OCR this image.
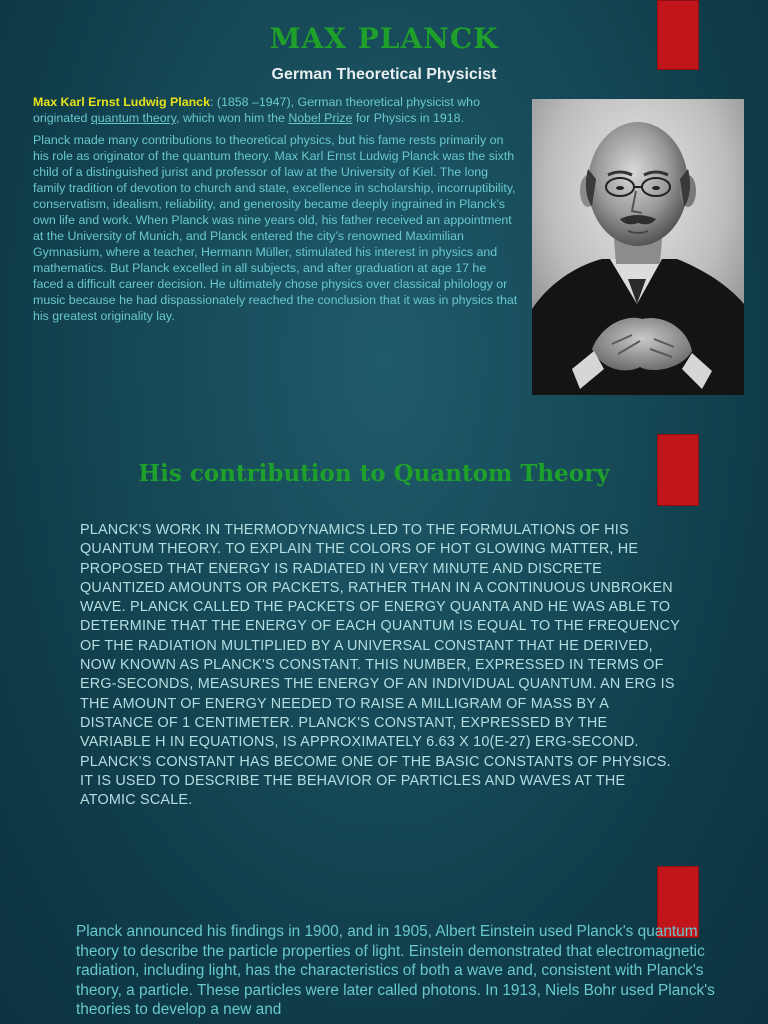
MAX PLANCK
German Theoretical Physicist

Max Karl Ernst Ludwig Planck: (1858 –1947), German theoretical physicist who originated quantum theory, which won him the Nobel Prize for Physics in 1918.

Planck made many contributions to theoretical physics, but his fame rests primarily on his role as originator of the quantum theory. Max Karl Ernst Ludwig Planck was the sixth child of a distinguished jurist and professor of law at the University of Kiel. The long family tradition of devotion to church and state, excellence in scholarship, incorruptibility, conservatism, idealism, reliability, and generosity became deeply ingrained in Planck’s own life and work. When Planck was nine years old, his father received an appointment at the University of Munich, and Planck entered the city’s renowned Maximilian Gymnasium, where a teacher, Hermann Müller, stimulated his interest in physics and mathematics. But Planck excelled in all subjects, and after graduation at age 17 he faced a difficult career decision. He ultimately chose physics over classical philology or music because he had dispassionately reached the conclusion that it was in physics that his greatest originality lay.

His contribution to Quantom Theory

PLANCK'S WORK IN THERMODYNAMICS LED TO THE FORMULATIONS OF HIS QUANTUM THEORY. TO EXPLAIN THE COLORS OF HOT GLOWING MATTER, HE PROPOSED THAT ENERGY IS RADIATED IN VERY MINUTE AND DISCRETE QUANTIZED AMOUNTS OR PACKETS, RATHER THAN IN A CONTINUOUS UNBROKEN WAVE. PLANCK CALLED THE PACKETS OF ENERGY QUANTA AND HE WAS ABLE TO DETERMINE THAT THE ENERGY OF EACH QUANTUM IS EQUAL TO THE FREQUENCY OF THE RADIATION MULTIPLIED BY A UNIVERSAL CONSTANT THAT HE DERIVED, NOW KNOWN AS PLANCK'S CONSTANT. THIS NUMBER, EXPRESSED IN TERMS OF ERG-SECONDS, MEASURES THE ENERGY OF AN INDIVIDUAL QUANTUM. AN ERG IS THE AMOUNT OF ENERGY NEEDED TO RAISE A MILLIGRAM OF MASS BY A DISTANCE OF 1 CENTIMETER. PLANCK'S CONSTANT, EXPRESSED BY THE VARIABLE H IN EQUATIONS, IS APPROXIMATELY 6.63 X 10(E-27) ERG-SECOND. PLANCK'S CONSTANT HAS BECOME ONE OF THE BASIC CONSTANTS OF PHYSICS. IT IS USED TO DESCRIBE THE BEHAVIOR OF PARTICLES AND WAVES AT THE ATOMIC SCALE.

Planck announced his findings in 1900, and in 1905, Albert Einstein used Planck's quantum theory to describe the particle properties of light. Einstein demonstrated that electromagnetic radiation, including light, has the characteristics of both a wave and, consistent with Planck's theory, a particle. These particles were later called photons. In 1913, Niels Bohr used Planck's theories to develop a new and
